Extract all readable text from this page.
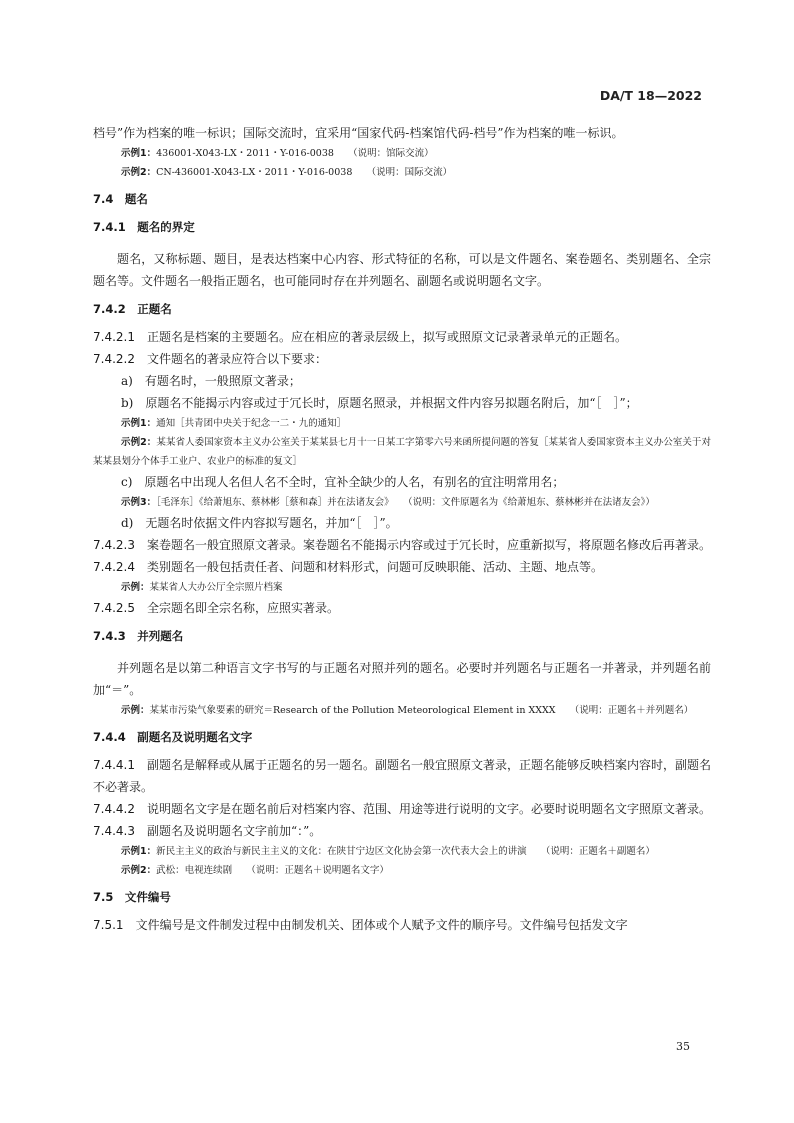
DA/T 18—2022

档号”作为档案的唯一标识；国际交流时，宜采用“国家代码-档案馆代码-档号”作为档案的唯一标识。

示例1：436001-X043-LX・2011・Y-016-0038　　（说明：馆际交流）

示例2：CN-436001-X043-LX・2011・Y-016-0038　　（说明：国际交流）

7.4　 题名

7.4.1　 题名的界定

题名，又称标题、题目，是表达档案中心内容、形式特征的名称，可以是文件题名、案卷题名、类别题名、全宗题名等。文件题名一般指正题名，也可能同时存在并列题名、副题名或说明题名文字。

7.4.2　 正题名

7.4.2.1　 正题名是档案的主要题名。应在相应的著录层级上，拟写或照原文记录著录单元的正题名。

7.4.2.2　 文件题名的著录应符合以下要求：

a)　有题名时，一般照原文著录；

b)　原题名不能揭示内容或过于冗长时，原题名照录，并根据文件内容另拟题名附后，加“［　］”；

示例1：通知［共青团中央关于纪念一二・九的通知］

示例2：某某省人委国家资本主义办公室关于某某县七月十一日某工字第零六号来函所提问题的答复［某某省人委国家资本主义办公室关于对某某县划分个体手工业户、农业户的标准的复文］

c)　原题名中出现人名但人名不全时，宜补全缺少的人名，有别名的宜注明常用名；

示例3：［毛泽东］《给萧旭东、蔡林彬［蔡和森］并在法诸友会》　　（说明：文件原题名为《给萧旭东、蔡林彬并在法诸友会》）

d)　无题名时依据文件内容拟写题名，并加“［　］”。

7.4.2.3　 案卷题名一般宜照原文著录。案卷题名不能揭示内容或过于冗长时，应重新拟写，将原题名修改后再著录。

7.4.2.4　 类别题名一般包括责任者、问题和材料形式，问题可反映职能、活动、主题、地点等。

示例：某某省人大办公厅全宗照片档案

7.4.2.5　 全宗题名即全宗名称，应照实著录。

7.4.3　 并列题名

并列题名是以第二种语言文字书写的与正题名对照并列的题名。必要时并列题名与正题名一并著录，并列题名前加“＝”。

示例：某某市污染气象要素的研究＝Research of the Pollution Meteorological Element in XXXX　　（说明：正题名＋并列题名）

7.4.4　 副题名及说明题名文字

7.4.4.1　 副题名是解释或从属于正题名的另一题名。副题名一般宜照原文著录，正题名能够反映档案内容时，副题名不必著录。

7.4.4.2　 说明题名文字是在题名前后对档案内容、范围、用途等进行说明的文字。必要时说明题名文字照原文著录。

7.4.4.3　 副题名及说明题名文字前加“：”。

示例1：新民主主义的政治与新民主主义的文化：在陕甘宁边区文化协会第一次代表大会上的讲演　　（说明：正题名＋副题名）

示例2：武松：电视连续剧　　（说明：正题名＋说明题名文字）

7.5　 文件编号

7.5.1　 文件编号是文件制发过程中由制发机关、团体或个人赋予文件的顺序号。文件编号包括发文字

35
